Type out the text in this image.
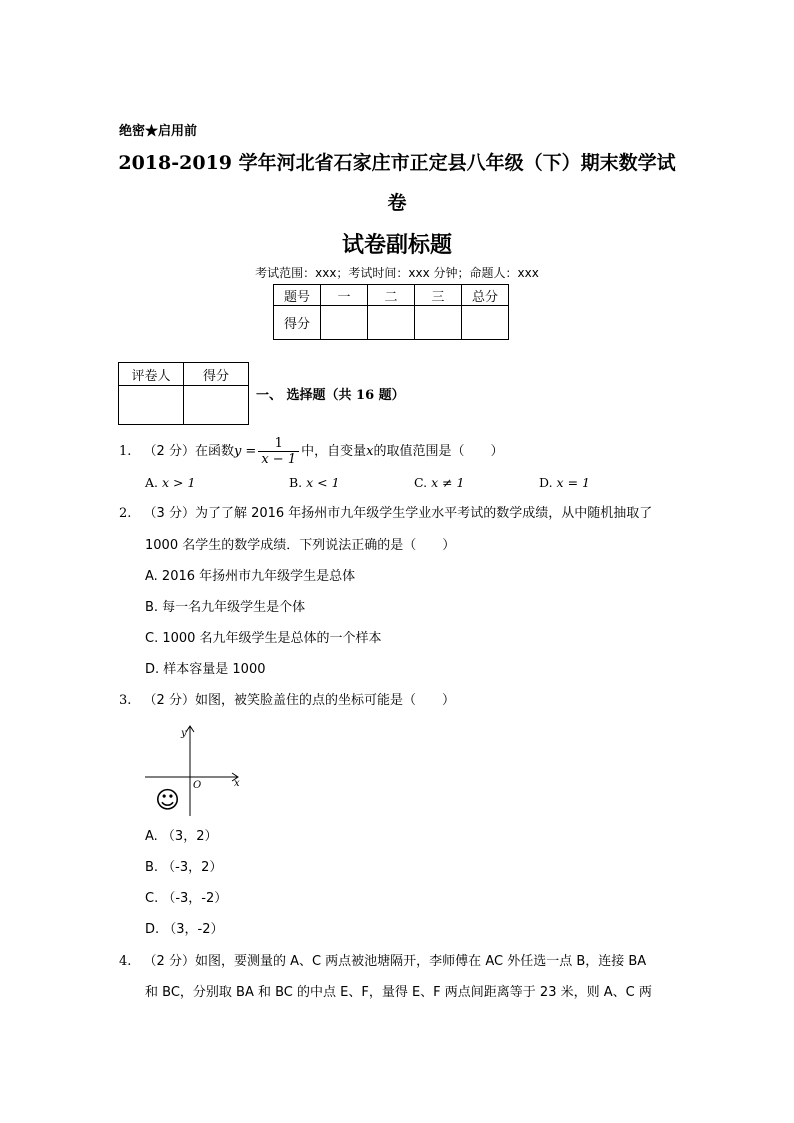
绝密★启用前
2018-2019 学年河北省石家庄市正定县八年级（下）期末数学试
卷
试卷副标题
考试范围：xxx；考试时间：xxx 分钟；命题人：xxx
题号	一	二	三	总分
得分				
评卷人	得分

一、 选择题（共 16 题）
1. （2 分）在函数$y = \frac{1}{x - 1}$ 中，自变量x的取值范围是（　　）
A. x > 1	B. x < 1	C. x ≠ 1	D. x = 1
2. （3 分）为了了解 2016 年扬州市九年级学生学业水平考试的数学成绩，从中随机抽取了
1000 名学生的数学成绩．下列说法正确的是（　　）
A. 2016 年扬州市九年级学生是总体
B. 每一名九年级学生是个体
C. 1000 名九年级学生是总体的一个样本
D. 样本容量是 1000
3. （2 分）如图，被笑脸盖住的点的坐标可能是（　　）
x
y
O
☺
A. （3，2）
B. （-3，2）
C. （-3，-2）
D. （3，-2）
4. （2 分）如图，要测量的 A、C 两点被池塘隔开，李师傅在 AC 外任选一点 B，连接 BA
和 BC，分别取 BA 和 BC 的中点 E、F，量得 E、F 两点间距离等于 23 米，则 A、C 两
